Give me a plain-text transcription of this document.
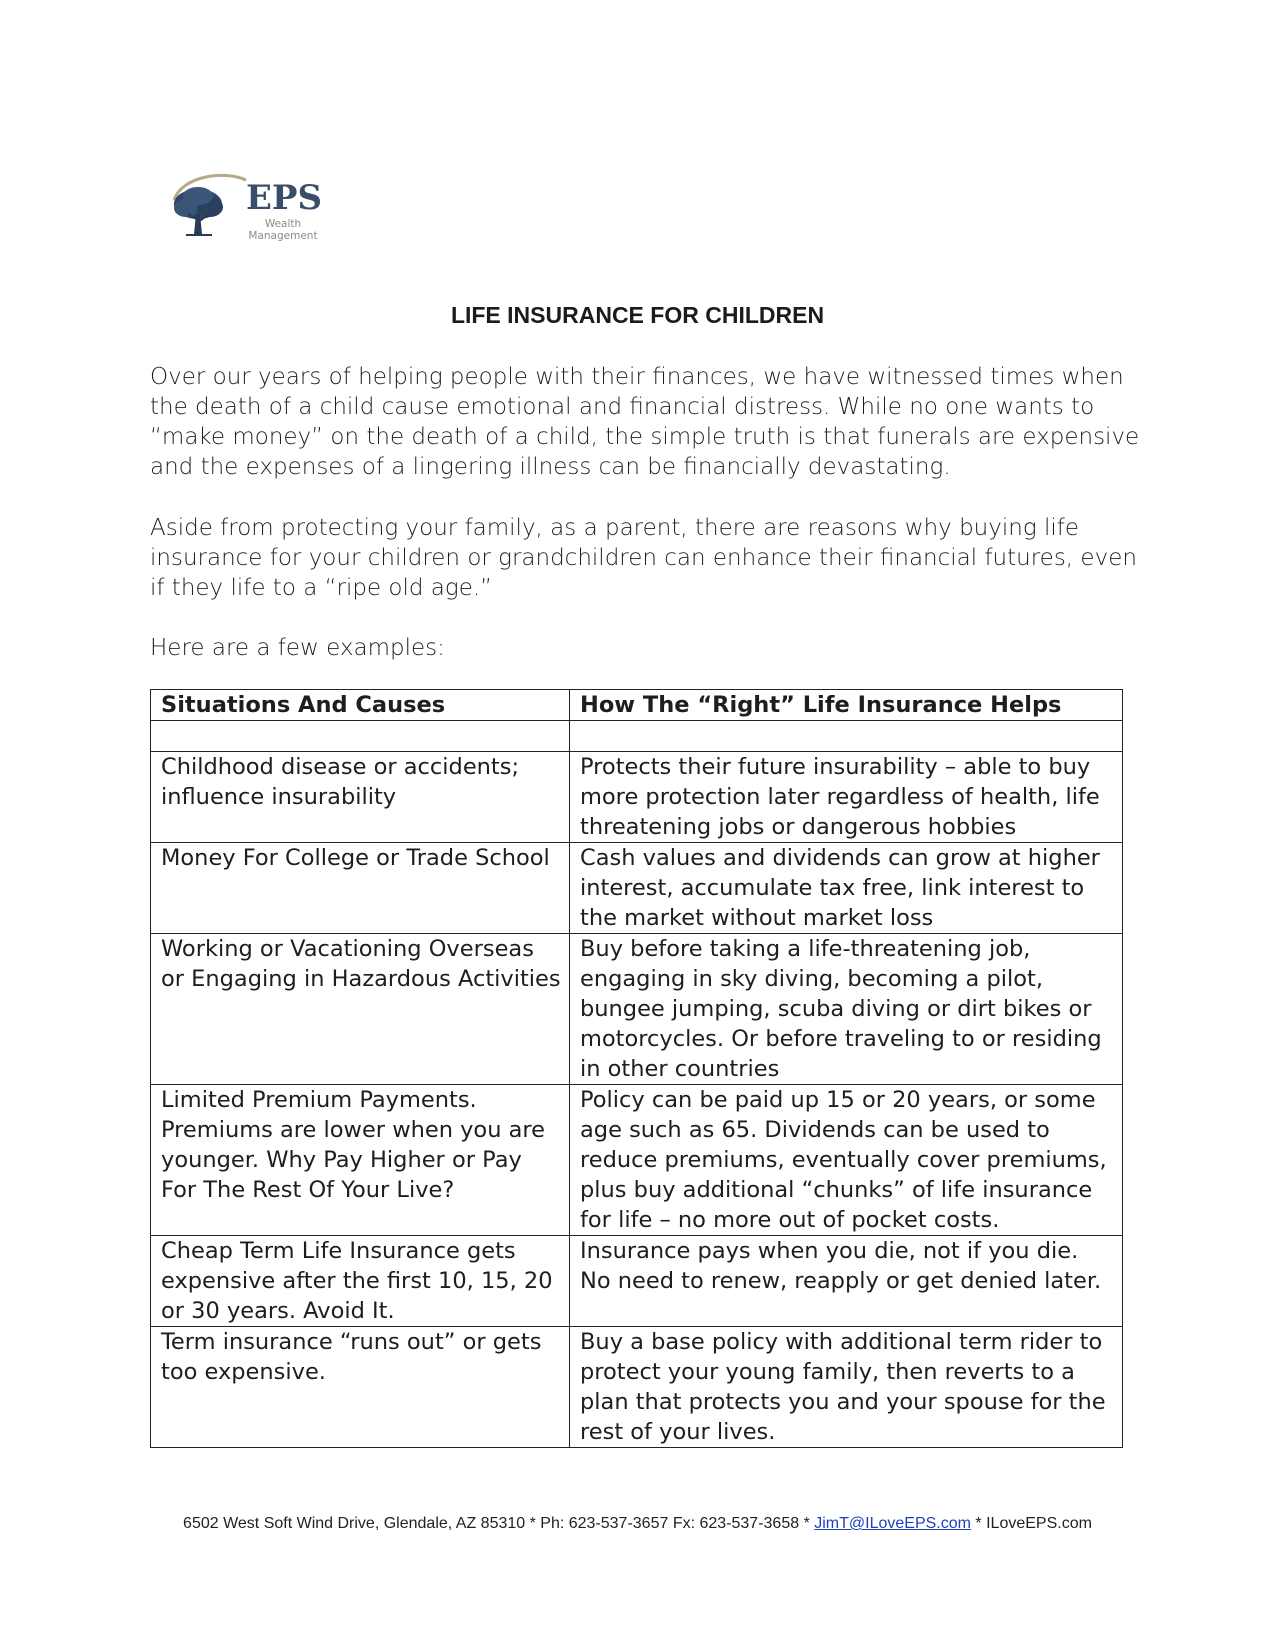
EPS
Wealth
Management
LIFE INSURANCE FOR CHILDREN

Over our years of helping people with their finances, we have witnessed times when the death of a child cause emotional and financial distress. While no one wants to “make money” on the death of a child, the simple truth is that funerals are expensive and the expenses of a lingering illness can be financially devastating.

Aside from protecting your family, as a parent, there are reasons why buying life insurance for your children or grandchildren can enhance their financial futures, even if they life to a “ripe old age.”

Here are a few examples:

Situations And Causes	How The “Right” Life Insurance Helps

Childhood disease or accidents; influence insurability	Protects their future insurability – able to buy more protection later regardless of health, life threatening jobs or dangerous hobbies
Money For College or Trade School	Cash values and dividends can grow at higher interest, accumulate tax free, link interest to the market without market loss
Working or Vacationing Overseas or Engaging in Hazardous Activities	Buy before taking a life-threatening job, engaging in sky diving, becoming a pilot, bungee jumping, scuba diving or dirt bikes or motorcycles. Or before traveling to or residing in other countries
Limited Premium Payments. Premiums are lower when you are younger. Why Pay Higher or Pay For The Rest Of Your Live?	Policy can be paid up 15 or 20 years, or some age such as 65. Dividends can be used to reduce premiums, eventually cover premiums, plus buy additional “chunks” of life insurance for life – no more out of pocket costs.
Cheap Term Life Insurance gets expensive after the first 10, 15, 20 or 30 years. Avoid It.	Insurance pays when you die, not if you die. No need to renew, reapply or get denied later.
Term insurance “runs out” or gets too expensive.	Buy a base policy with additional term rider to protect your young family, then reverts to a plan that protects you and your spouse for the rest of your lives.
6502 West Soft Wind Drive, Glendale, AZ 85310 * Ph: 623-537-3657 Fx: 623-537-3658 * JimT@ILoveEPS.com * ILoveEPS.com
